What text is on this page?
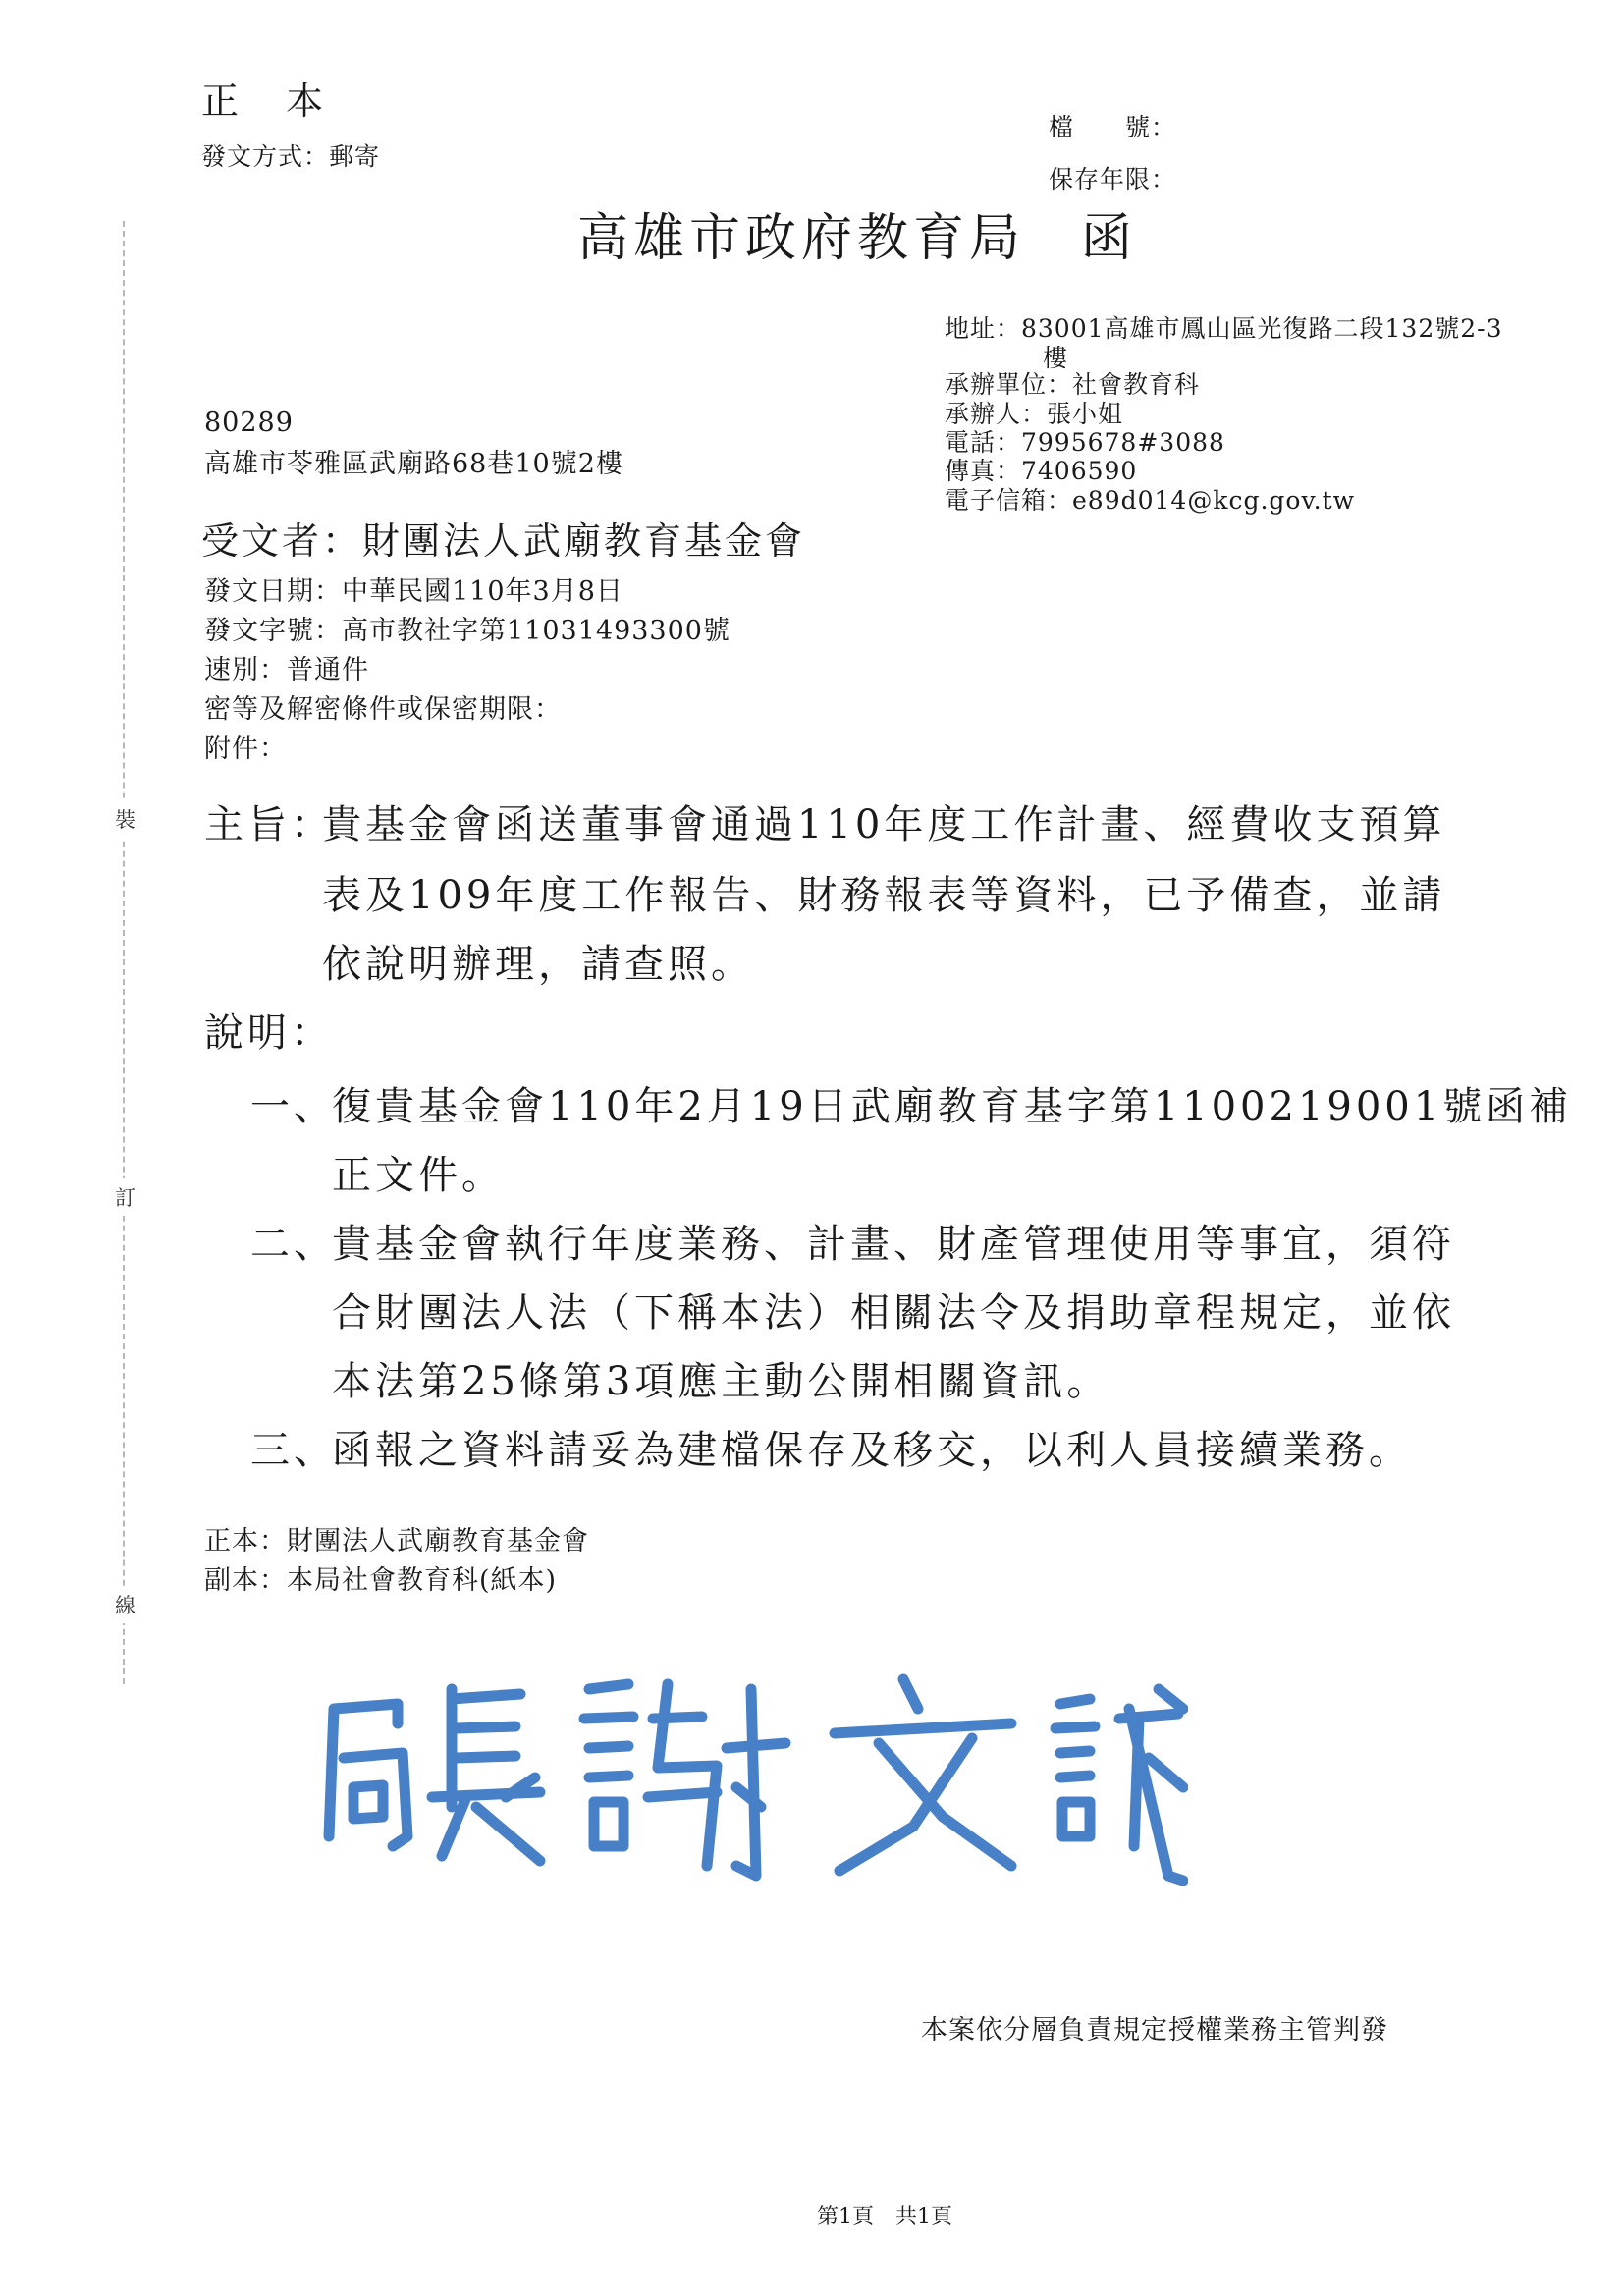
裝
訂
線
正 本
發文方式：郵寄
檔　　號：
保存年限：
高雄市政府教育局　函
地址：83001高雄市鳳山區光復路二段132號2-3
樓
承辦單位：社會教育科
承辦人：張小姐
電話：7995678#3088
傳真：7406590
電子信箱：e89d014@kcg.gov.tw
80289
高雄市苓雅區武廟路68巷10號2樓
受文者：財團法人武廟教育基金會
發文日期：中華民國110年3月8日
發文字號：高市教社字第11031493300號
速別：普通件
密等及解密條件或保密期限：
附件：
主旨：
貴基金會函送董事會通過110年度工作計畫、經費收支預算
表及109年度工作報告、財務報表等資料，已予備查，並請
依說明辦理，請查照。
說明：
一、
復貴基金會110年2月19日武廟教育基字第1100219001號函補
正文件。
二、
貴基金會執行年度業務、計畫、財產管理使用等事宜，須符
合財團法人法（下稱本法）相關法令及捐助章程規定，並依
本法第25條第3項應主動公開相關資訊。
三、
函報之資料請妥為建檔保存及移交，以利人員接續業務。
正本：財團法人武廟教育基金會
副本：本局社會教育科(紙本)
本案依分層負責規定授權業務主管判發
第1頁　共1頁
